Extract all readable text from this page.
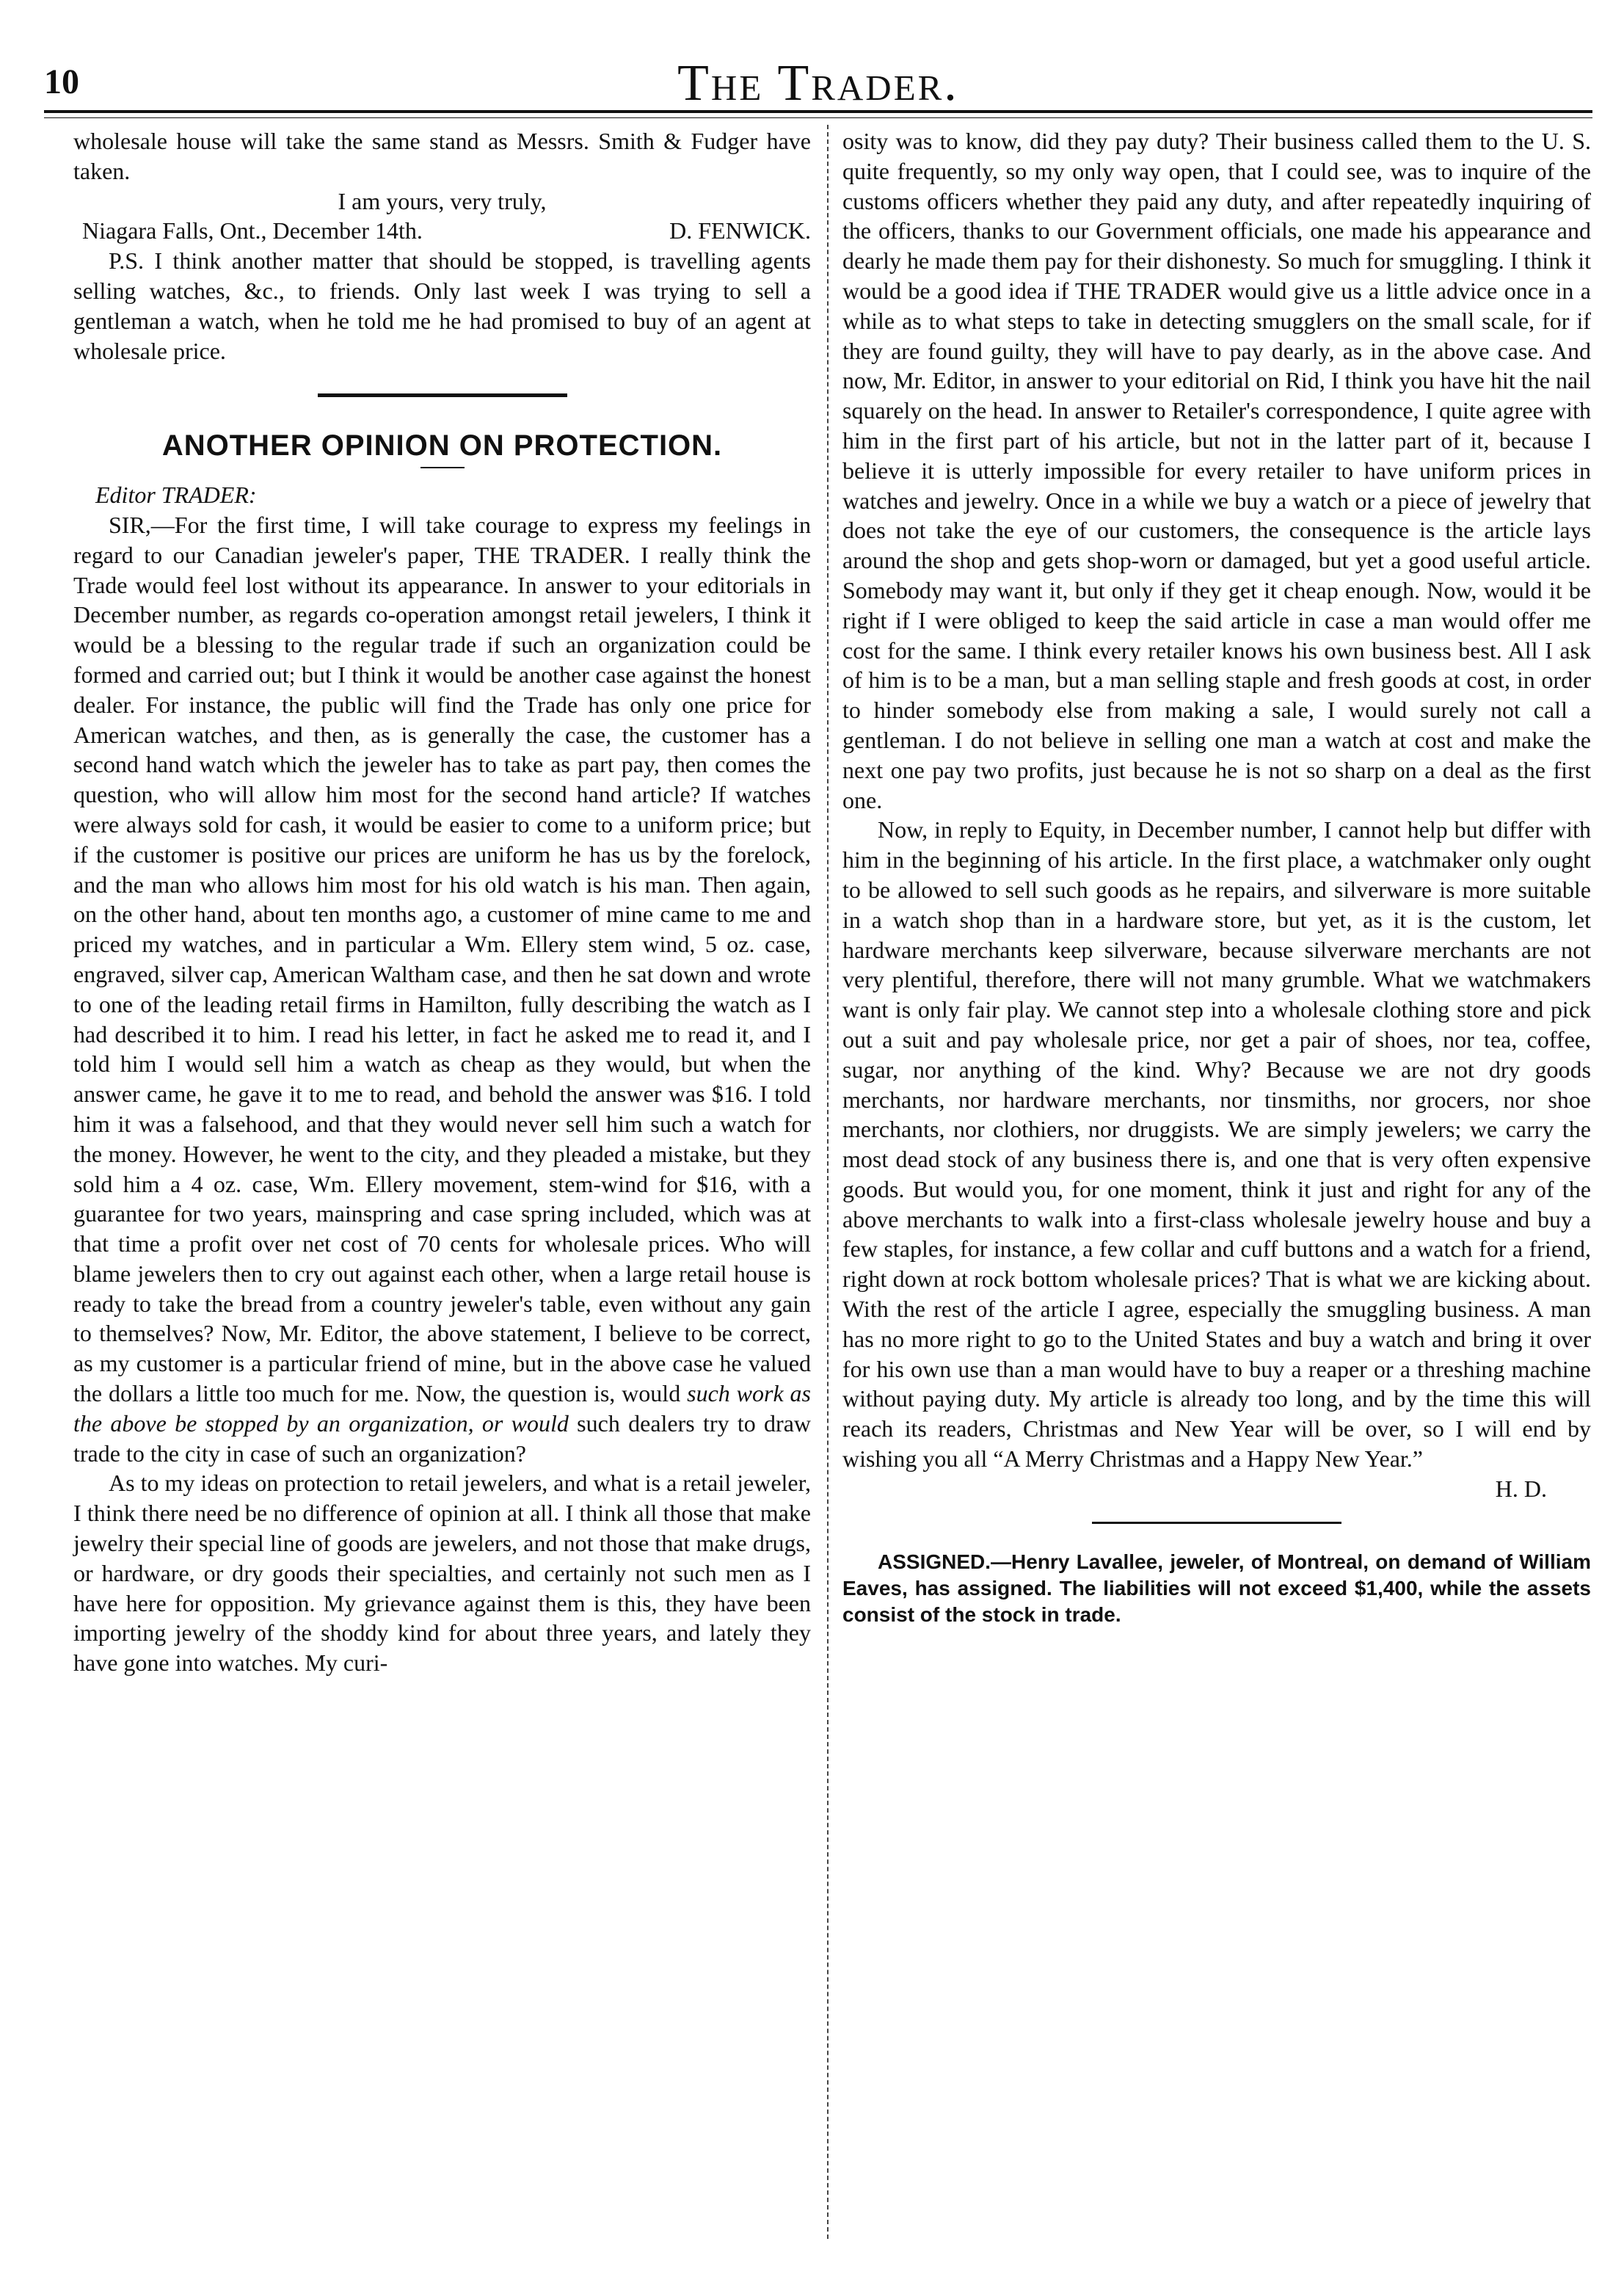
10	The Trader.

wholesale house will take the same stand as Messrs. Smith & Fudger have taken.

I am yours, very truly,

Niagara Falls, Ont., December 14th.	D. FENWICK.

P.S. I think another matter that should be stopped, is travelling agents selling watches, &c., to friends. Only last week I was trying to sell a gentleman a watch, when he told me he had promised to buy of an agent at wholesale price.

ANOTHER OPINION ON PROTECTION.

Editor TRADER:

SIR,—For the first time, I will take courage to express my feelings in regard to our Canadian jeweler's paper, THE TRADER. I really think the Trade would feel lost without its appearance. In answer to your editorials in December number, as regards co-operation amongst retail jewelers, I think it would be a blessing to the regular trade if such an organization could be formed and carried out; but I think it would be another case against the honest dealer. For instance, the public will find the Trade has only one price for American watches, and then, as is generally the case, the customer has a second hand watch which the jeweler has to take as part pay, then comes the question, who will allow him most for the second hand article? If watches were always sold for cash, it would be easier to come to a uniform price; but if the customer is positive our prices are uniform he has us by the forelock, and the man who allows him most for his old watch is his man. Then again, on the other hand, about ten months ago, a customer of mine came to me and priced my watches, and in particular a Wm. Ellery stem wind, 5 oz. case, engraved, silver cap, American Waltham case, and then he sat down and wrote to one of the leading retail firms in Hamilton, fully describing the watch as I had described it to him. I read his letter, in fact he asked me to read it, and I told him I would sell him a watch as cheap as they would, but when the answer came, he gave it to me to read, and behold the answer was $16. I told him it was a falsehood, and that they would never sell him such a watch for the money. However, he went to the city, and they pleaded a mistake, but they sold him a 4 oz. case, Wm. Ellery movement, stem-wind for $16, with a guarantee for two years, mainspring and case spring included, which was at that time a profit over net cost of 70 cents for wholesale prices. Who will blame jewelers then to cry out against each other, when a large retail house is ready to take the bread from a country jeweler's table, even without any gain to themselves? Now, Mr. Editor, the above statement, I believe to be correct, as my customer is a particular friend of mine, but in the above case he valued the dollars a little too much for me. Now, the question is, would such work as the above be stopped by an organization, or would such dealers try to draw trade to the city in case of such an organization?

As to my ideas on protection to retail jewelers, and what is a retail jeweler, I think there need be no difference of opinion at all. I think all those that make jewelry their special line of goods are jewelers, and not those that make drugs, or hardware, or dry goods their specialties, and certainly not such men as I have here for opposition. My grievance against them is this, they have been importing jewelry of the shoddy kind for about three years, and lately they have gone into watches. My curi-

osity was to know, did they pay duty? Their business called them to the U. S. quite frequently, so my only way open, that I could see, was to inquire of the customs officers whether they paid any duty, and after repeatedly inquiring of the officers, thanks to our Government officials, one made his appearance and dearly he made them pay for their dishonesty. So much for smuggling. I think it would be a good idea if THE TRADER would give us a little advice once in a while as to what steps to take in detecting smugglers on the small scale, for if they are found guilty, they will have to pay dearly, as in the above case. And now, Mr. Editor, in answer to your editorial on Rid, I think you have hit the nail squarely on the head. In answer to Retailer's correspondence, I quite agree with him in the first part of his article, but not in the latter part of it, because I believe it is utterly impossible for every retailer to have uniform prices in watches and jewelry. Once in a while we buy a watch or a piece of jewelry that does not take the eye of our customers, the consequence is the article lays around the shop and gets shop-worn or damaged, but yet a good useful article. Somebody may want it, but only if they get it cheap enough. Now, would it be right if I were obliged to keep the said article in case a man would offer me cost for the same. I think every retailer knows his own business best. All I ask of him is to be a man, but a man selling staple and fresh goods at cost, in order to hinder somebody else from making a sale, I would surely not call a gentleman. I do not believe in selling one man a watch at cost and make the next one pay two profits, just because he is not so sharp on a deal as the first one.

Now, in reply to Equity, in December number, I cannot help but differ with him in the beginning of his article. In the first place, a watchmaker only ought to be allowed to sell such goods as he repairs, and silverware is more suitable in a watch shop than in a hardware store, but yet, as it is the custom, let hardware merchants keep silverware, because silverware merchants are not very plentiful, therefore, there will not many grumble. What we watchmakers want is only fair play. We cannot step into a wholesale clothing store and pick out a suit and pay wholesale price, nor get a pair of shoes, nor tea, coffee, sugar, nor anything of the kind. Why? Because we are not dry goods merchants, nor hardware merchants, nor tinsmiths, nor grocers, nor shoe merchants, nor clothiers, nor druggists. We are simply jewelers; we carry the most dead stock of any business there is, and one that is very often expensive goods. But would you, for one moment, think it just and right for any of the above merchants to walk into a first-class wholesale jewelry house and buy a few staples, for instance, a few collar and cuff buttons and a watch for a friend, right down at rock bottom wholesale prices? That is what we are kicking about. With the rest of the article I agree, especially the smuggling business. A man has no more right to go to the United States and buy a watch and bring it over for his own use than a man would have to buy a reaper or a threshing machine without paying duty. My article is already too long, and by the time this will reach its readers, Christmas and New Year will be over, so I will end by wishing you all “A Merry Christmas and a Happy New Year.”

H. D.

ASSIGNED.—Henry Lavallee, jeweler, of Montreal, on demand of William Eaves, has assigned. The liabilities will not exceed $1,400, while the assets consist of the stock in trade.
